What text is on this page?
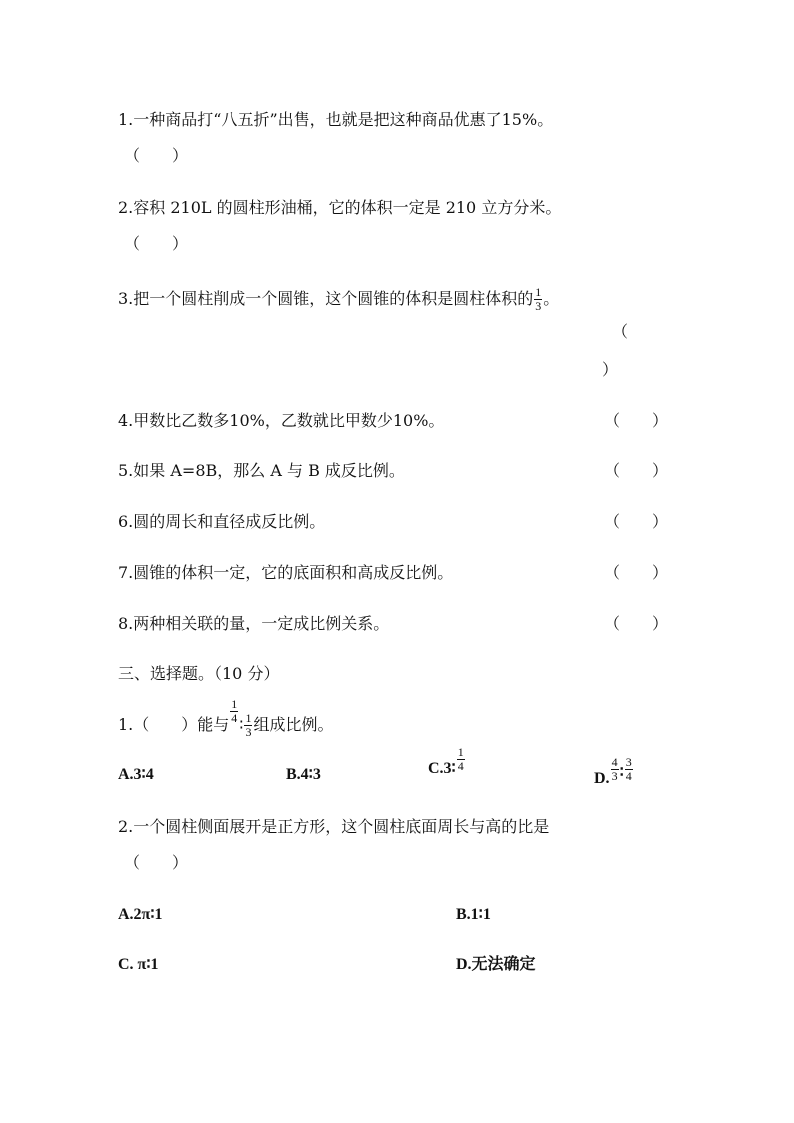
1.一种商品打“八五折”出售，也就是把这种商品优惠了15%。
（　　）
2.容积 210L 的圆柱形油桶，它的体积一定是 210 立方分米。
（　　）
3.把一个圆柱削成一个圆锥，这个圆锥的体积是圆柱体积的 $\frac{1}{3}$ 。
（
）
4.甲数比乙数多10%，乙数就比甲数少10%。	（　　）
5.如果 A=8B，那么 A 与 B 成反比例。	（　　）
6.圆的周长和直径成反比例。	（　　）
7.圆锥的体积一定，它的底面积和高成反比例。	（　　）
8.两种相关联的量，一定成比例关系。	（　　）
三、选择题。（10 分）
1.（　　）能与 $\frac{1}{4}$ ∶ $\frac{1}{3}$ 组成比例。
A.3∶4	B.4∶3	C.3∶ $\frac{1}{4}$
D. $\frac{4}{3}$ ∶ $\frac{3}{4}$
2.一个圆柱侧面展开是正方形，这个圆柱底面周长与高的比是
（　　）
A.2π∶1	B.1∶1
C. π∶1	D.无法确定
